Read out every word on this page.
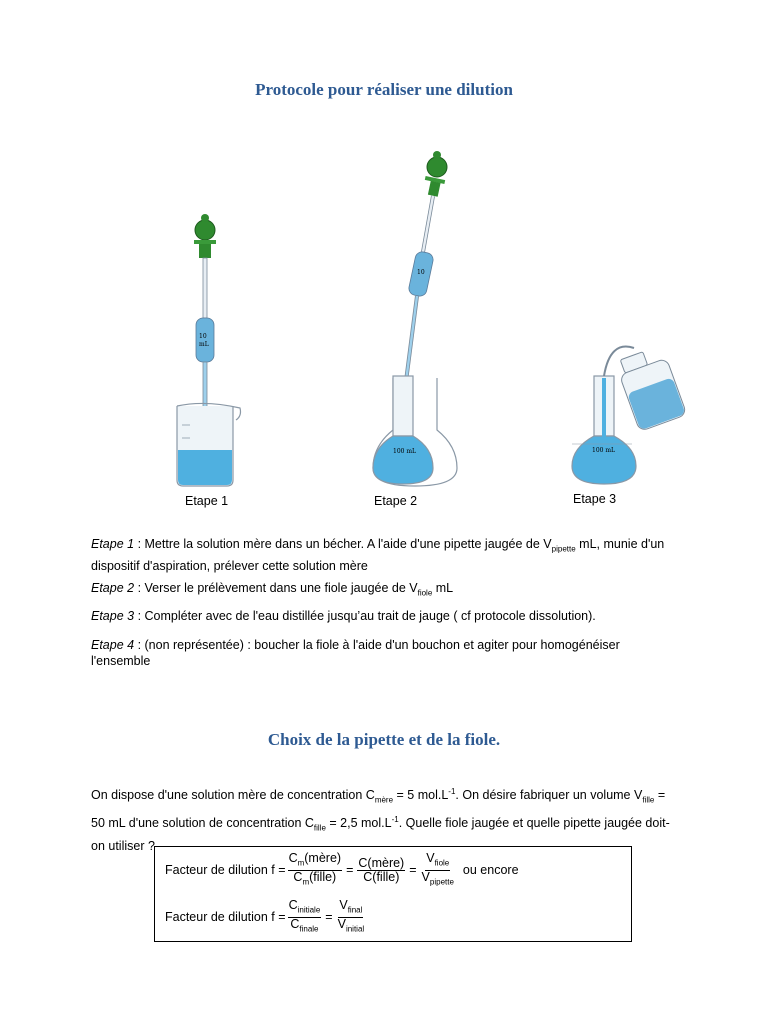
Protocole pour réaliser une dilution
10
mL
Etape 1
10
100 mL
Etape 2
100 mL
Etape 3
Etape 1 : Mettre la solution mère dans un bécher. A l'aide d'une pipette jaugée de $V_{pipette}$ mL, munie d'un dispositif d'aspiration, prélever cette solution mère
Etape 2 : Verser le prélèvement dans une fiole jaugée de $V_{fiole}$ mL
Etape 3 : Compléter avec de l'eau distillée jusqu’au trait de jauge ( cf protocole dissolution).
Etape 4 : (non représentée) : boucher la fiole à l'aide d'un bouchon et agiter pour homogénéiser l'ensemble
Choix de la pipette et de la fiole.
On dispose d'une solution mère de concentration $C_{mère} = 5$ $mol.L^{-1}$. On désire fabriquer un volume $V_{fille} = 50$ mL d'une solution de concentration $C_{fille} = 2,5$ $mol.L^{-1}$. Quelle fiole jaugée et quelle pipette jaugée doit-on utiliser ?
Facteur de dilution $f = \frac{C_m(mère)}{C_m(fille)} = \frac{\text{C(mère)}}{\text{C(fille)}} = \frac{V_{fiole}}{V_{pipette}}$ ou encore
Facteur de dilution $f = \frac{C_{initiale}}{C_{finale}} = \frac{V_{final}}{V_{initial}}$
